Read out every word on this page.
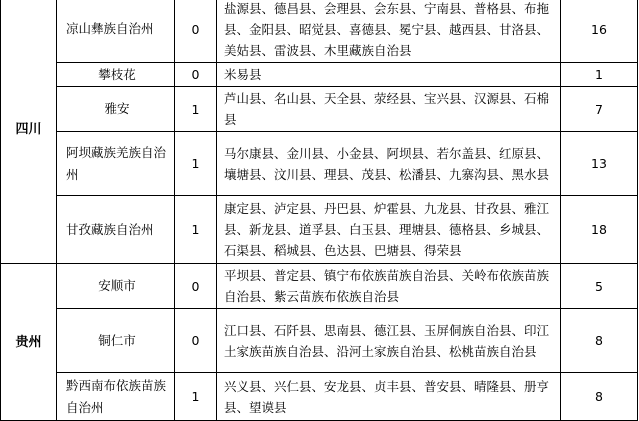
四川	凉山彝族自治州	0	盐源县、德昌县、会理县、会东县、宁南县、普格县、布拖县、金阳县、昭觉县、喜德县、冕宁县、越西县、甘洛县、美姑县、雷波县、木里藏族自治县	16
	攀枝花	0	米易县	1
	雅安	1	芦山县、名山县、天全县、荥经县、宝兴县、汉源县、石棉县	7
	阿坝藏族羌族自治州	1	马尔康县、金川县、小金县、阿坝县、若尔盖县、红原县、壤塘县、汶川县、理县、茂县、松潘县、九寨沟县、黑水县	13
	甘孜藏族自治州	1	康定县、泸定县、丹巴县、炉霍县、九龙县、甘孜县、雅江县、新龙县、道孚县、白玉县、理塘县、德格县、乡城县、石渠县、稻城县、色达县、巴塘县、得荣县	18
贵州	安顺市	0	平坝县、普定县、镇宁布依族苗族自治县、关岭布依族苗族自治县、紫云苗族布依族自治县	5
	铜仁市	0	江口县、石阡县、思南县、德江县、玉屏侗族自治县、印江土家族苗族自治县、沿河土家族自治县、松桃苗族自治县	8
	黔西南布依族苗族自治州	1	兴义县、兴仁县、安龙县、贞丰县、普安县、晴隆县、册亨县、望谟县	8
